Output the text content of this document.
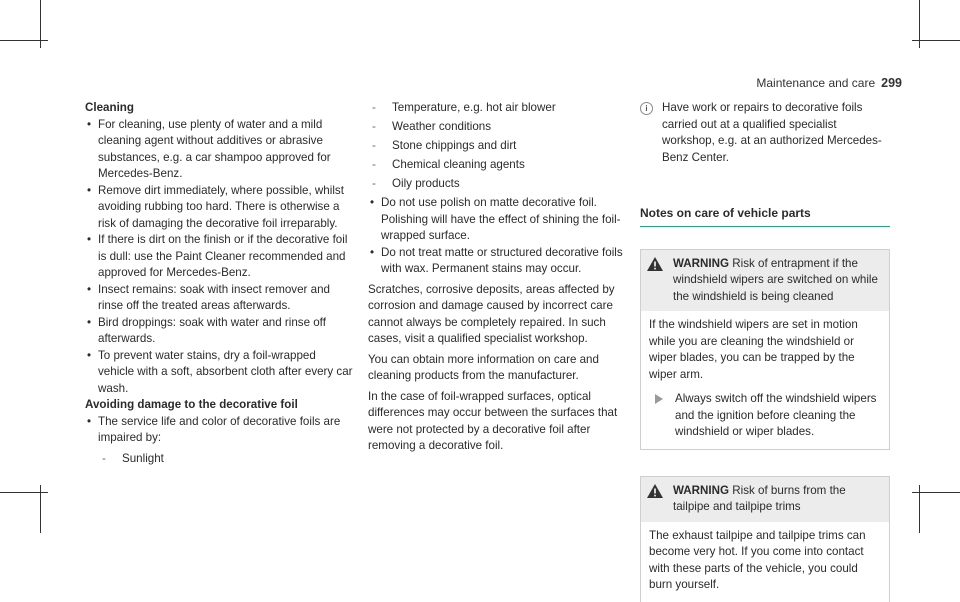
Maintenance and care 299
Cleaning
• For cleaning, use plenty of water and a mild cleaning agent without additives or abrasive substances, e.g. a car shampoo approved for Mercedes-Benz.
• Remove dirt immediately, where possible, whilst avoiding rubbing too hard. There is otherwise a risk of damaging the decorative foil irreparably.
• If there is dirt on the finish or if the decorative foil is dull: use the Paint Cleaner recommended and approved for Mercedes-Benz.
• Insect remains: soak with insect remover and rinse off the treated areas afterwards.
• Bird droppings: soak with water and rinse off afterwards.
• To prevent water stains, dry a foil-wrapped vehicle with a soft, absorbent cloth after every car wash.
Avoiding damage to the decorative foil
• The service life and color of decorative foils are impaired by:
- Sunlight
- Temperature, e.g. hot air blower
- Weather conditions
- Stone chippings and dirt
- Chemical cleaning agents
- Oily products
• Do not use polish on matte decorative foil. Polishing will have the effect of shining the foil-wrapped surface.
• Do not treat matte or structured decorative foils with wax. Permanent stains may occur.

Scratches, corrosive deposits, areas affected by corrosion and damage caused by incorrect care cannot always be completely repaired. In such cases, visit a qualified specialist workshop.

You can obtain more information on care and cleaning products from the manufacturer.

In the case of foil-wrapped surfaces, optical differences may occur between the surfaces that were not protected by a decorative foil after removing a decorative foil.

i	Have work or repairs to decorative foils carried out at a qualified specialist workshop, e.g. at an authorized Mercedes-Benz Center.
Notes on care of vehicle parts
WARNING Risk of entrapment if the windshield wipers are switched on while the windshield is being cleaned
If the windshield wipers are set in motion while you are cleaning the windshield or wiper blades, you can be trapped by the wiper arm.
Always switch off the windshield wipers and the ignition before cleaning the windshield or wiper blades.
WARNING Risk of burns from the tailpipe and tailpipe trims
The exhaust tailpipe and tailpipe trims can become very hot. If you come into contact with these parts of the vehicle, you could burn yourself.
